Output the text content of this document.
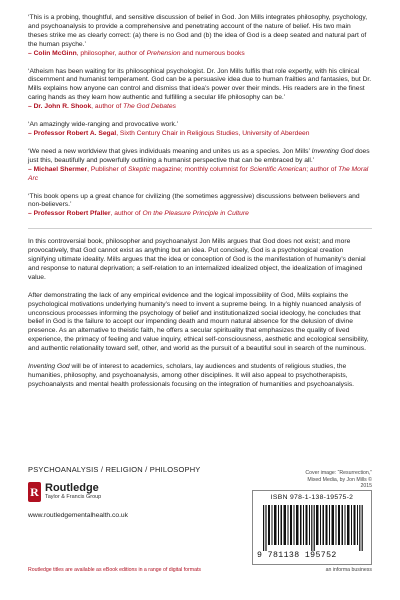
‘This is a probing, thoughtful, and sensitive discussion of belief in God. Jon Mills integrates philosophy, psychology, and psychoanalysis to provide a comprehensive and penetrating account of the nature of belief. His two main theses strike me as clearly correct: (a) there is no God and (b) the idea of God is a deep seated and natural part of the human psyche.’
– Colin McGinn, philosopher, author of Prehension and numerous books
‘Atheism has been waiting for its philosophical psychologist. Dr. Jon Mills fulfils that role expertly, with his clinical discernment and humanist temperament. God can be a persuasive idea due to human frailties and fantasies, but Dr. Mills explains how anyone can control and dismiss that idea’s power over their minds. His readers are in the finest caring hands as they learn how authentic and fulfilling a secular life philosophy can be.’
– Dr. John R. Shook, author of The God Debates
‘An amazingly wide-ranging and provocative work.’
– Professor Robert A. Segal, Sixth Century Chair in Religious Studies, University of Aberdeen
‘We need a new worldview that gives individuals meaning and unites us as a species. Jon Mills’ Inventing God does just this, beautifully and powerfully outlining a humanist perspective that can be embraced by all.’
– Michael Shermer, Publisher of Skeptic magazine; monthly columnist for Scientific American; author of The Moral Arc
‘This book opens up a great chance for civilizing (the sometimes aggressive) discussions between believers and non-believers.’
– Professor Robert Pfaller, author of On the Pleasure Principle in Culture

In this controversial book, philosopher and psychoanalyst Jon Mills argues that God does not exist; and more provocatively, that God cannot exist as anything but an idea. Put concisely, God is a psychological creation signifying ultimate ideality. Mills argues that the idea or conception of God is the manifestation of humanity’s denial and response to natural deprivation; a self-relation to an internalized idealized object, the idealization of imagined value.

After demonstrating the lack of any empirical evidence and the logical impossibility of God, Mills explains the psychological motivations underlying humanity’s need to invent a supreme being. In a highly nuanced analysis of unconscious processes informing the psychology of belief and institutionalized social ideology, he concludes that belief in God is the failure to accept our impending death and mourn natural absence for the delusion of divine presence. As an alternative to theistic faith, he offers a secular spirituality that emphasizes the quality of lived experience, the primacy of feeling and value inquiry, ethical self-consciousness, aesthetic and ecological sensibility, and authentic relationality toward self, other, and world as the pursuit of a beautiful soul in search of the numinous.

Inventing God will be of interest to academics, scholars, lay audiences and students of religious studies, the humanities, philosophy, and psychoanalysis, among other disciplines. It will also appeal to psychotherapists, psychoanalysts and mental health professionals focusing on the integration of humanities and psychoanalysis.

PSYCHOANALYSIS / RELIGION / PHILOSOPHY
R Routledge
Taylor & Francis Group
www.routledgementalhealth.co.uk
Routledge titles are available as eBook editions in a range of digital formats
Cover image: “Resurrection,”
Mixed Media, by Jon Mills © 2015
ISBN 978-1-138-19575-2
9 781138 195752
an informa business
